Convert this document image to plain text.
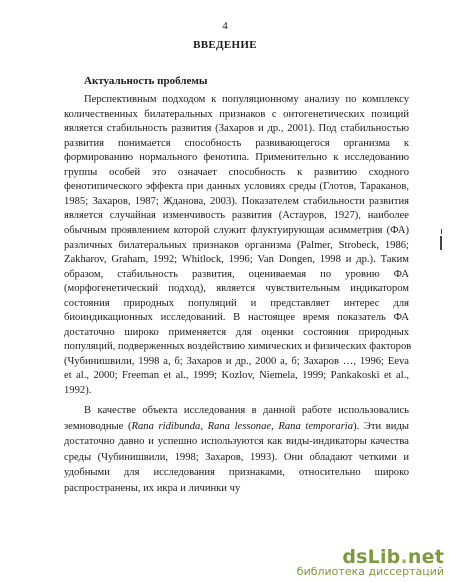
4
ВВЕДЕНИЕ
Актуальность проблемы
Перспективным подходом к популяционному анализу по комплексу
количественных билатеральных признаков с онтогенетических позиций
является стабильность развития (Захаров и др., 2001). Под стабильностью
развития понимается способность развивающегося организма к
формированию нормального фенотипа. Применительно к исследованию
группы особей это означает способность к развитию сходного
фенотипического эффекта при данных условиях среды (Глотов, Тараканов,
1985; Захаров, 1987; Жданова, 2003). Показателем стабильности развития
является случайная изменчивость развития (Астауров, 1927), наиболее
обычным проявлением которой служит флуктуирующая асимметрия (ФА)
различных билатеральных признаков организма (Palmer, Strobeck, 1986;
Zakharov, Graham, 1992; Whitlock, 1996; Van Dongen, 1998 и др.). Таким
образом, стабильность развития, оцениваемая по уровню ФА
(морфогенетический подход), является чувствительным индикатором
состояния природных популяций и представляет интерес для
биоиндикационных исследований. В настоящее время показатель ФА
достаточно широко применяется для оценки состояния природных
популяций, подверженных воздействию химических и физических факторов
(Чубинишвили, 1998 а, б; Захаров и др., 2000 а, б; Захаров …, 1996; Eeva
et al., 2000; Freeman et al., 1999; Kozlov, Niemela, 1999; Pankakoski et al.,
1992).
В качестве объекта исследования в данной работе использовались
земноводные (Rana ridibunda, Rana lessonae, Rana temporaria). Эти виды
достаточно давно и успешно используются как виды-индикаторы качества
среды (Чубинишвили, 1998; Захаров, 1993). Они обладают четкими и
удобными для исследования признаками, относительно широко
распространены, их икра и личинки чу
dsLib.net
библиотека диссертаций
